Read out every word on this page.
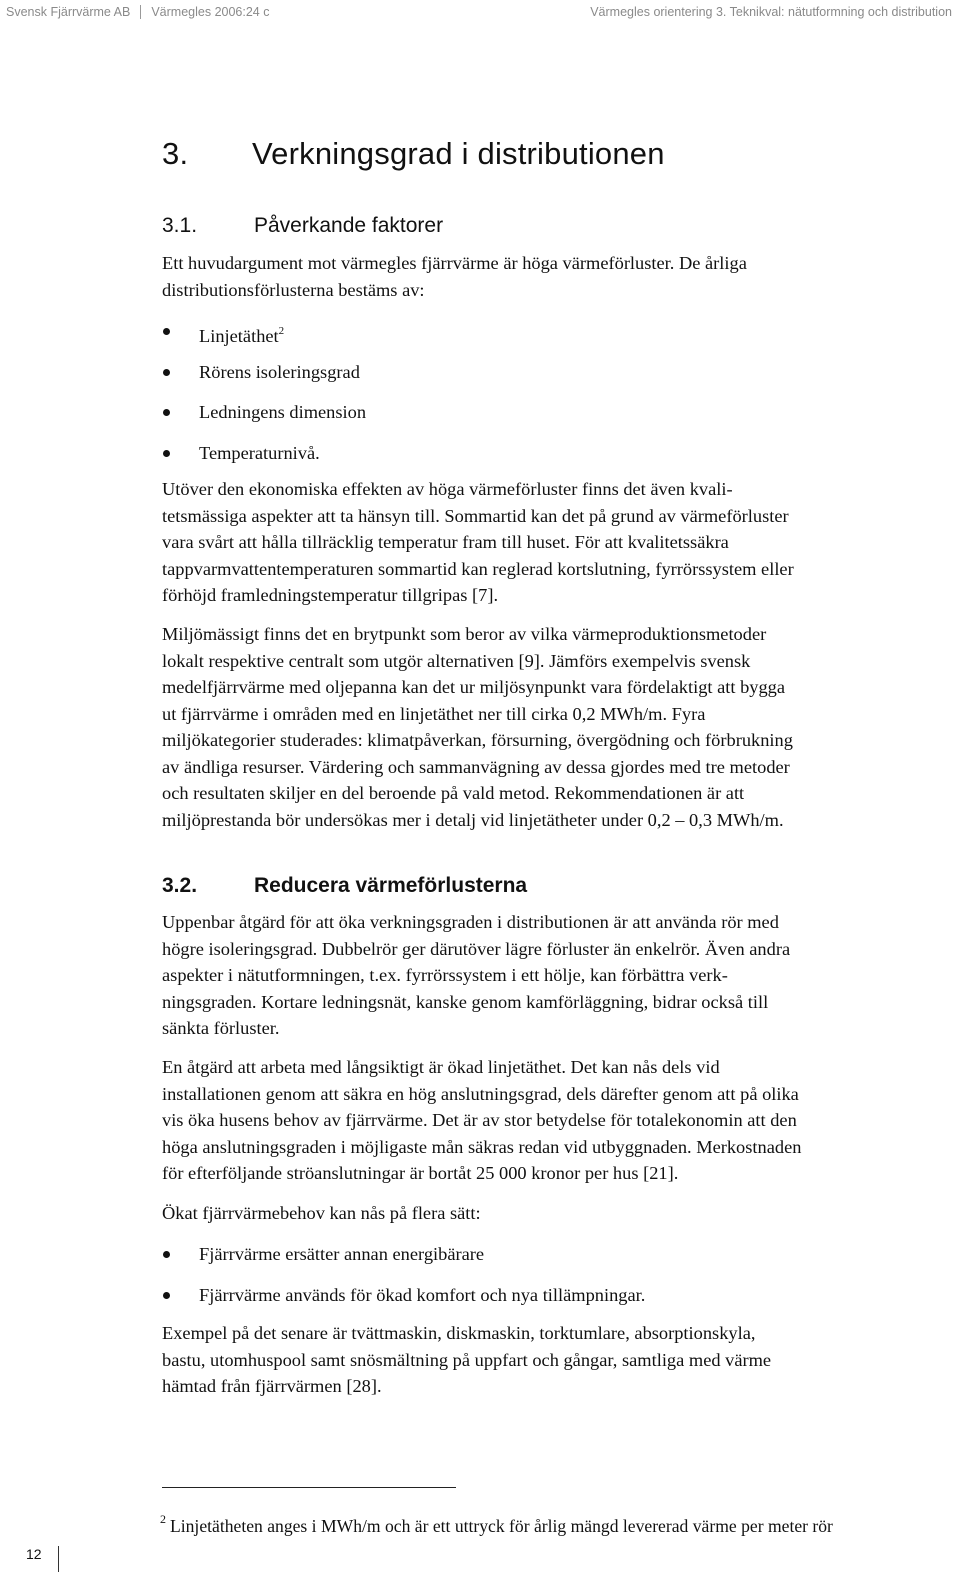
Svensk Fjärrvärme AB Värmegles 2006:24 c	Värmegles orientering 3. Teknikval: nätutformning och distribution
3. Verkningsgrad i distributionen
3.1.	Påverkande faktorer
Ett huvudargument mot värmegles fjärrvärme är höga värmeförluster. De årliga
distributionsförlusterna bestäms av:
Linjetäthet$^2$
Rörens isoleringsgrad
Ledningens dimension
Temperaturnivå.
Utöver den ekonomiska effekten av höga värmeförluster finns det även kvali-
tetsmässiga aspekter att ta hänsyn till. Sommartid kan det på grund av värmeförluster
vara svårt att hålla tillräcklig temperatur fram till huset. För att kvalitetssäkra
tappvarmvattentemperaturen sommartid kan reglerad kortslutning, fyrrörssystem eller
förhöjd framledningstemperatur tillgripas [7].
Miljömässigt finns det en brytpunkt som beror av vilka värmeproduktionsmetoder
lokalt respektive centralt som utgör alternativen [9]. Jämförs exempelvis svensk
medelfjärrvärme med oljepanna kan det ur miljösynpunkt vara fördelaktigt att bygga
ut fjärrvärme i områden med en linjetäthet ner till cirka 0,2 MWh/m. Fyra
miljökategorier studerades: klimatpåverkan, försurning, övergödning och förbrukning
av ändliga resurser. Värdering och sammanvägning av dessa gjordes med tre metoder
och resultaten skiljer en del beroende på vald metod. Rekommendationen är att
miljöprestanda bör undersökas mer i detalj vid linjetätheter under 0,2 – 0,3 MWh/m.
3.2.	Reducera värmeförlusterna
Uppenbar åtgärd för att öka verkningsgraden i distributionen är att använda rör med
högre isoleringsgrad. Dubbelrör ger därutöver lägre förluster än enkelrör. Även andra
aspekter i nätutformningen, t.ex. fyrrörssystem i ett hölje, kan förbättra verk-
ningsgraden. Kortare ledningsnät, kanske genom kamförläggning, bidrar också till
sänkta förluster.
En åtgärd att arbeta med långsiktigt är ökad linjetäthet. Det kan nås dels vid
installationen genom att säkra en hög anslutningsgrad, dels därefter genom att på olika
vis öka husens behov av fjärrvärme. Det är av stor betydelse för totalekonomin att den
höga anslutningsgraden i möjligaste mån säkras redan vid utbyggnaden. Merkostnaden
för efterföljande ströanslutningar är bortåt 25 000 kronor per hus [21].
Ökat fjärrvärmebehov kan nås på flera sätt:
Fjärrvärme ersätter annan energibärare
Fjärrvärme används för ökad komfort och nya tillämpningar.
Exempel på det senare är tvättmaskin, diskmaskin, torktumlare, absorptionskyla,
bastu, utomhuspool samt snösmältning på uppfart och gångar, samtliga med värme
hämtad från fjärrvärmen [28].
$^2$ Linjetätheten anges i MWh/m och är ett uttryck för årlig mängd levererad värme per meter rör
12
